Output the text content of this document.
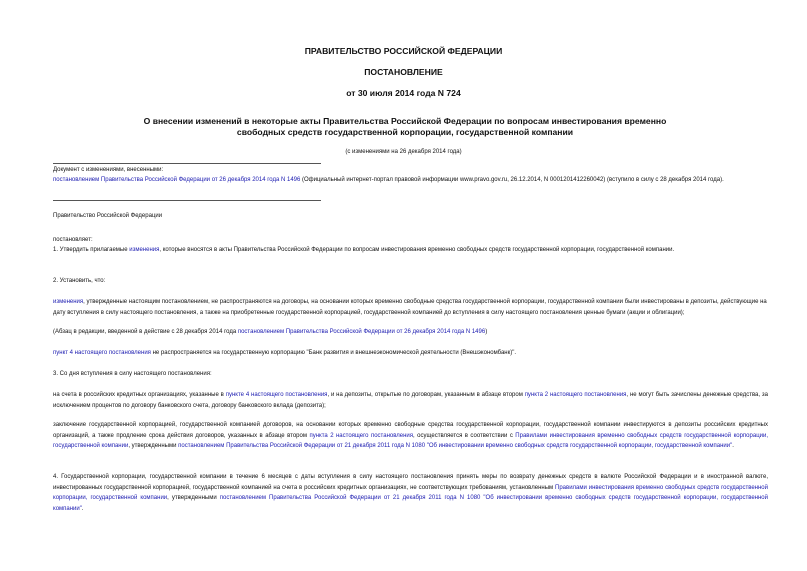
ПРАВИТЕЛЬСТВО РОССИЙСКОЙ ФЕДЕРАЦИИ

ПОСТАНОВЛЕНИЕ

от 30 июля 2014 года N 724

О внесении изменений в некоторые акты Правительства Российской Федерации по вопросам инвестирования временно свободных средств государственной корпорации, государственной компании

(с изменениями на 26 декабря 2014 года)

Документ с изменениями, внесенными:

постановлением Правительства Российской Федерации от 26 декабря 2014 года N 1496 (Официальный интернет-портал правовой информации www.pravo.gov.ru, 26.12.2014, N 0001201412260042) (вступило в силу с 28 декабря 2014 года).

Правительство Российской Федерации

постановляет:

1. Утвердить прилагаемые изменения, которые вносятся в акты Правительства Российской Федерации по вопросам инвестирования временно свободных средств государственной корпорации, государственной компании.

2. Установить, что:

изменения, утвержденные настоящим постановлением, не распространяются на договоры, на основании которых временно свободные средства государственной корпорации, государственной компании были инвестированы в депозиты, действующие на дату вступления в силу настоящего постановления, а также на приобретенные государственной корпорацией, государственной компанией до вступления в силу настоящего постановления ценные бумаги (акции и облигации);

(Абзац в редакции, введенной в действие с 28 декабря 2014 года постановлением Правительства Российской Федерации от 26 декабря 2014 года N 1496)

пункт 4 настоящего постановления не распространяется на государственную корпорацию "Банк развития и внешнеэкономической деятельности (Внешэкономбанк)".

3. Со дня вступления в силу настоящего постановления:

на счета в российских кредитных организациях, указанные в пункте 4 настоящего постановления, и на депозиты, открытые по договорам, указанным в абзаце втором пункта 2 настоящего постановления, не могут быть зачислены денежные средства, за исключением процентов по договору банковского счета, договору банковского вклада (депозита);

заключение государственной корпорацией, государственной компанией договоров, на основании которых временно свободные средства государственной корпорации, государственной компании инвестируются в депозиты российских кредитных организаций, а также продление срока действия договоров, указанных в абзаце втором пункта 2 настоящего постановления, осуществляется в соответствии с Правилами инвестирования временно свободных средств государственной корпорации, государственной компании, утвержденными постановлением Правительства Российской Федерации от 21 декабря 2011 года N 1080 "Об инвестировании временно свободных средств государственной корпорации, государственной компании".

4. Государственной корпорации, государственной компании в течение 6 месяцев с даты вступления в силу настоящего постановления принять меры по возврату денежных средств в валюте Российской Федерации и в иностранной валюте, инвестированных государственной корпорацией, государственной компанией на счета в российских кредитных организациях, не соответствующих требованиям, установленным Правилами инвестирования временно свободных средств государственной корпорации, государственной компании, утвержденными постановлением Правительства Российской Федерации от 21 декабря 2011 года N 1080 "Об инвестировании временно свободных средств государственной корпорации, государственной компании".
